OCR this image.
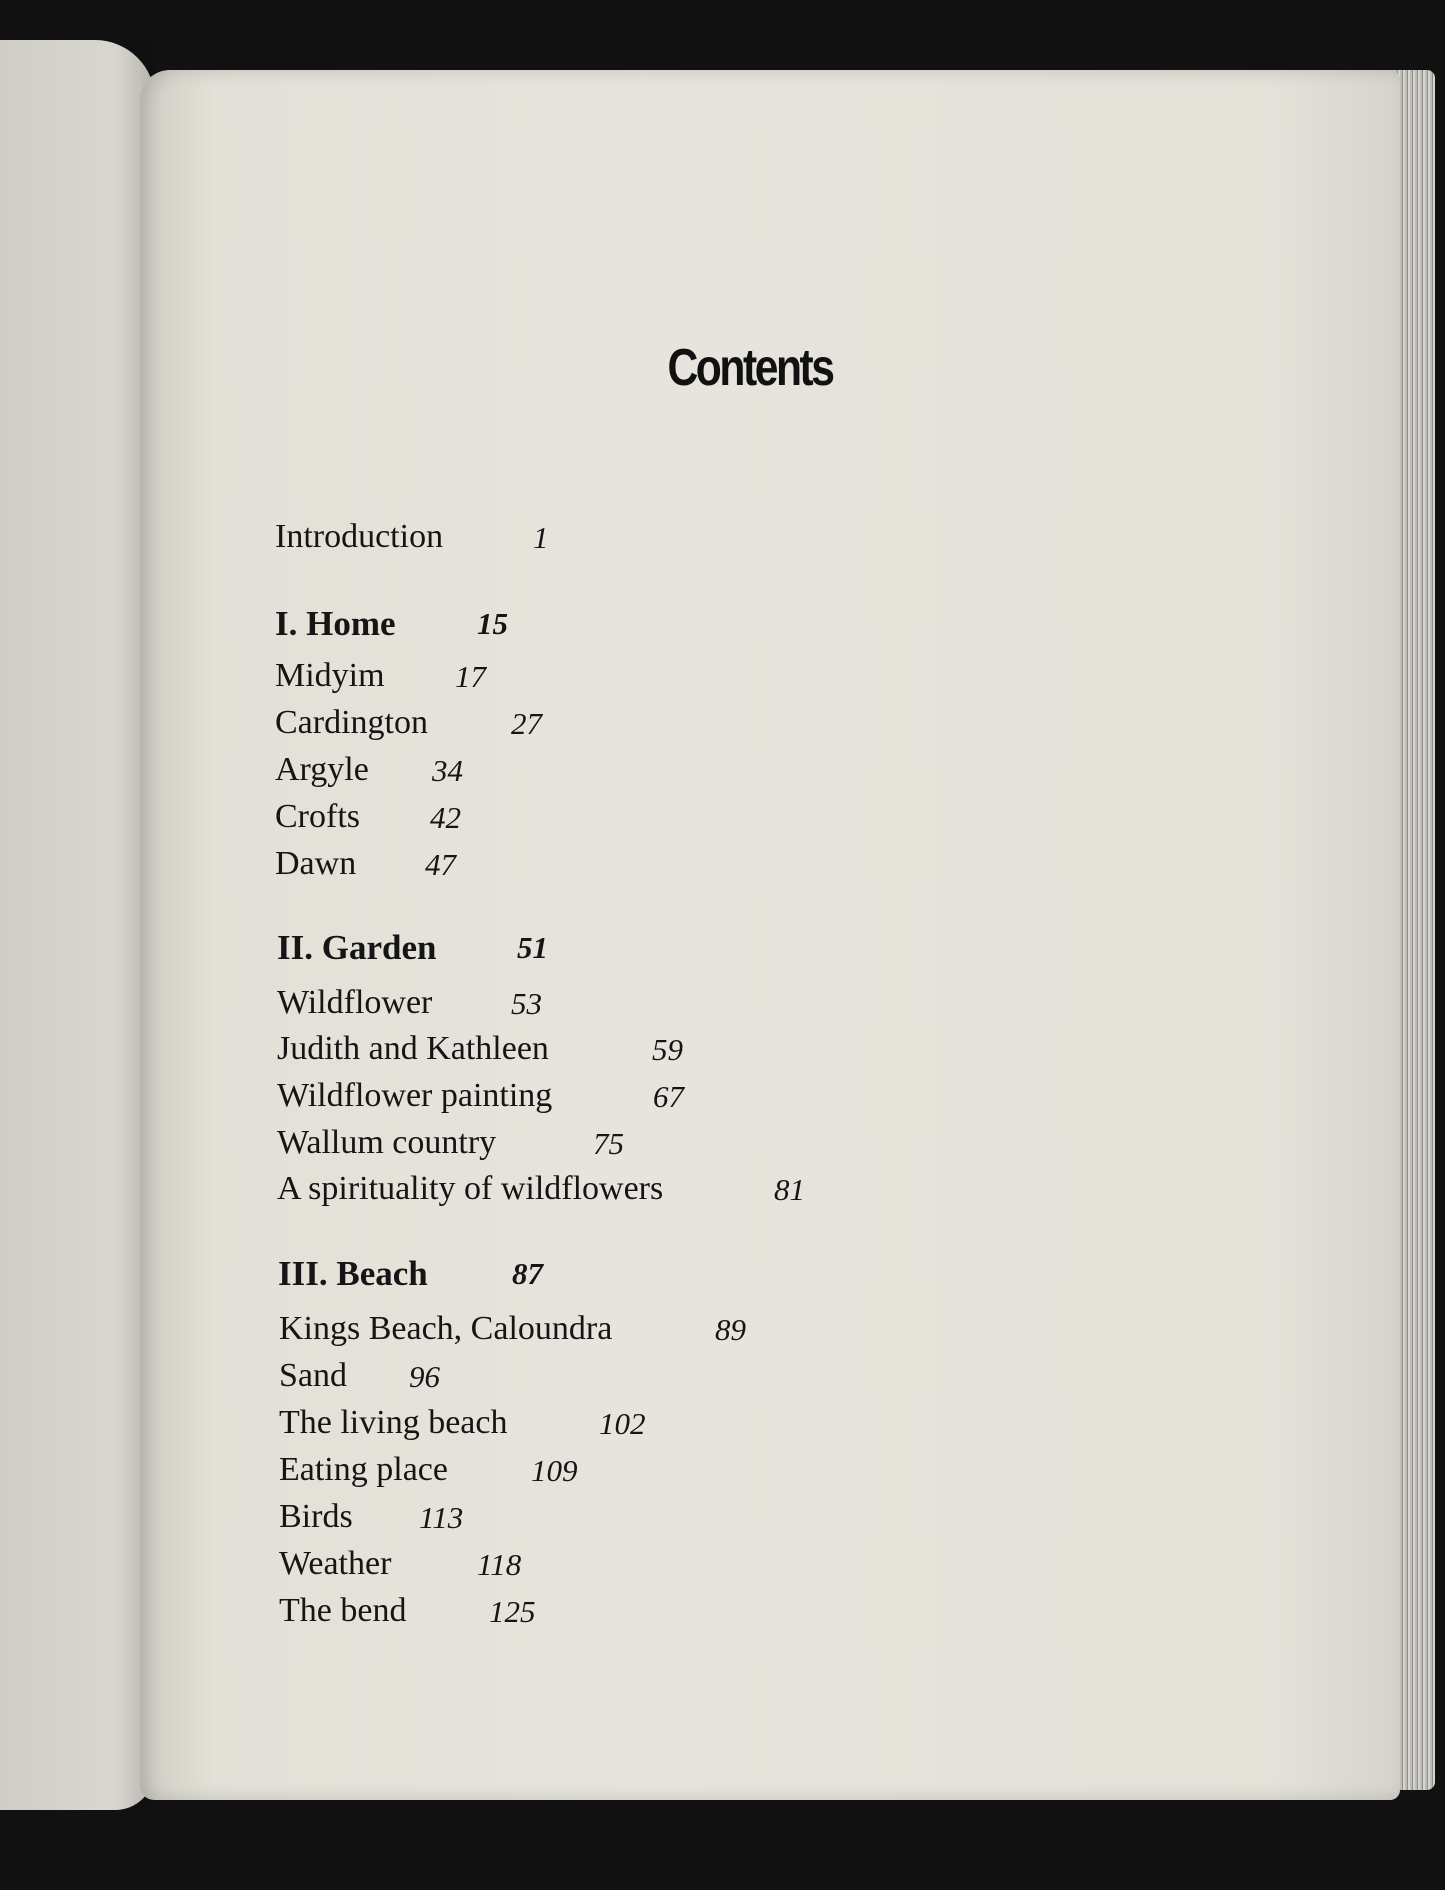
Contents
Introduction	1
I. Home	15
Midyim 17
Cardington	27
Argyle 34
Crofts 42
Dawn 47
II. Garden	51
Wildflower	53
Judith and Kathleen	59
Wildflower painting	67
Wallum country	75
A spirituality of wildflowers	81
III. Beach	87
Kings Beach, Caloundra	89
Sand 96
The living beach	102
Eating place	109
Birds 113
Weather	118
The bend	125
